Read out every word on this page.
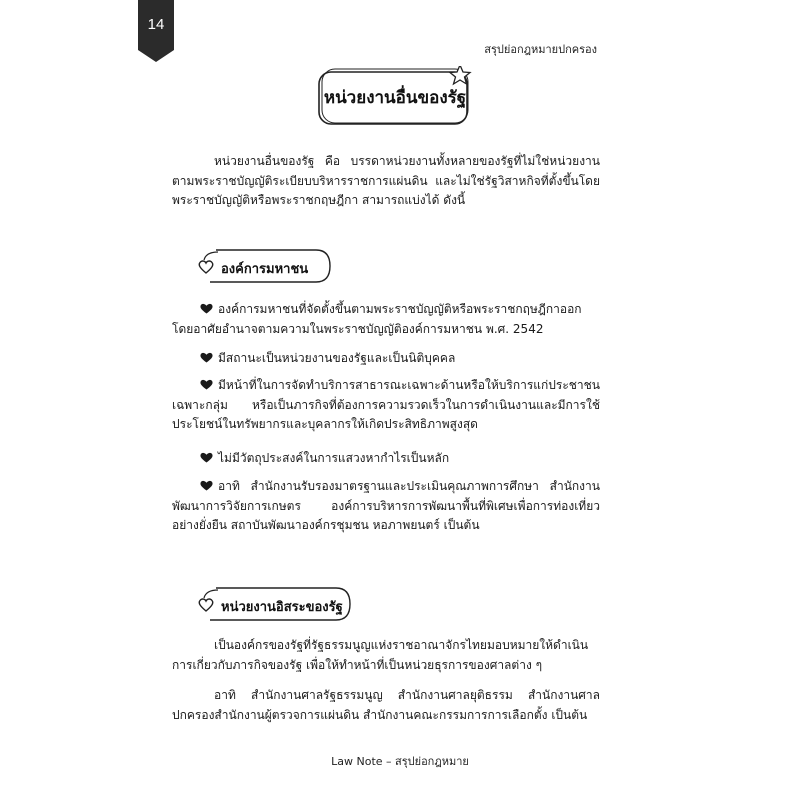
14
สรุปย่อกฎหมายปกครอง
หน่วยงานอื่นของรัฐ
หน่วยงานอื่นของรัฐ คือ บรรดาหน่วยงานทั้งหลายของรัฐที่ไม่ใช่หน่วยงานตามพระราชบัญญัติระเบียบบริหารราชการแผ่นดิน และไม่ใช่รัฐวิสาหกิจที่ตั้งขึ้นโดยพระราชบัญญัติหรือพระราชกฤษฎีกา สามารถแบ่งได้ ดังนี้
องค์การมหาชน
องค์การมหาชนที่จัดตั้งขึ้นตามพระราชบัญญัติหรือพระราชกฤษฎีกาออกโดยอาศัยอำนาจตามความในพระราชบัญญัติองค์การมหาชน พ.ศ. 2542
มีสถานะเป็นหน่วยงานของรัฐและเป็นนิติบุคคล
มีหน้าที่ในการจัดทำบริการสาธารณะเฉพาะด้านหรือให้บริการแก่ประชาชนเฉพาะกลุ่ม หรือเป็นภารกิจที่ต้องการความรวดเร็วในการดำเนินงานและมีการใช้ประโยชน์ในทรัพยากรและบุคลากรให้เกิดประสิทธิภาพสูงสุด
ไม่มีวัตถุประสงค์ในการแสวงหากำไรเป็นหลัก
อาทิ สำนักงานรับรองมาตรฐานและประเมินคุณภาพการศึกษา สำนักงานพัฒนาการวิจัยการเกษตร องค์การบริหารการพัฒนาพื้นที่พิเศษเพื่อการท่องเที่ยวอย่างยั่งยืน สถาบันพัฒนาองค์กรชุมชน หอภาพยนตร์ เป็นต้น
หน่วยงานอิสระของรัฐ
เป็นองค์กรของรัฐที่รัฐธรรมนูญแห่งราชอาณาจักรไทยมอบหมายให้ดำเนินการเกี่ยวกับภารกิจของรัฐ เพื่อให้ทำหน้าที่เป็นหน่วยธุรการของศาลต่าง ๆ
อาทิ สำนักงานศาลรัฐธรรมนูญ สำนักงานศาลยุติธรรม สำนักงานศาลปกครองสำนักงานผู้ตรวจการแผ่นดิน สำนักงานคณะกรรมการการเลือกตั้ง เป็นต้น
Law Note – สรุปย่อกฎหมาย
